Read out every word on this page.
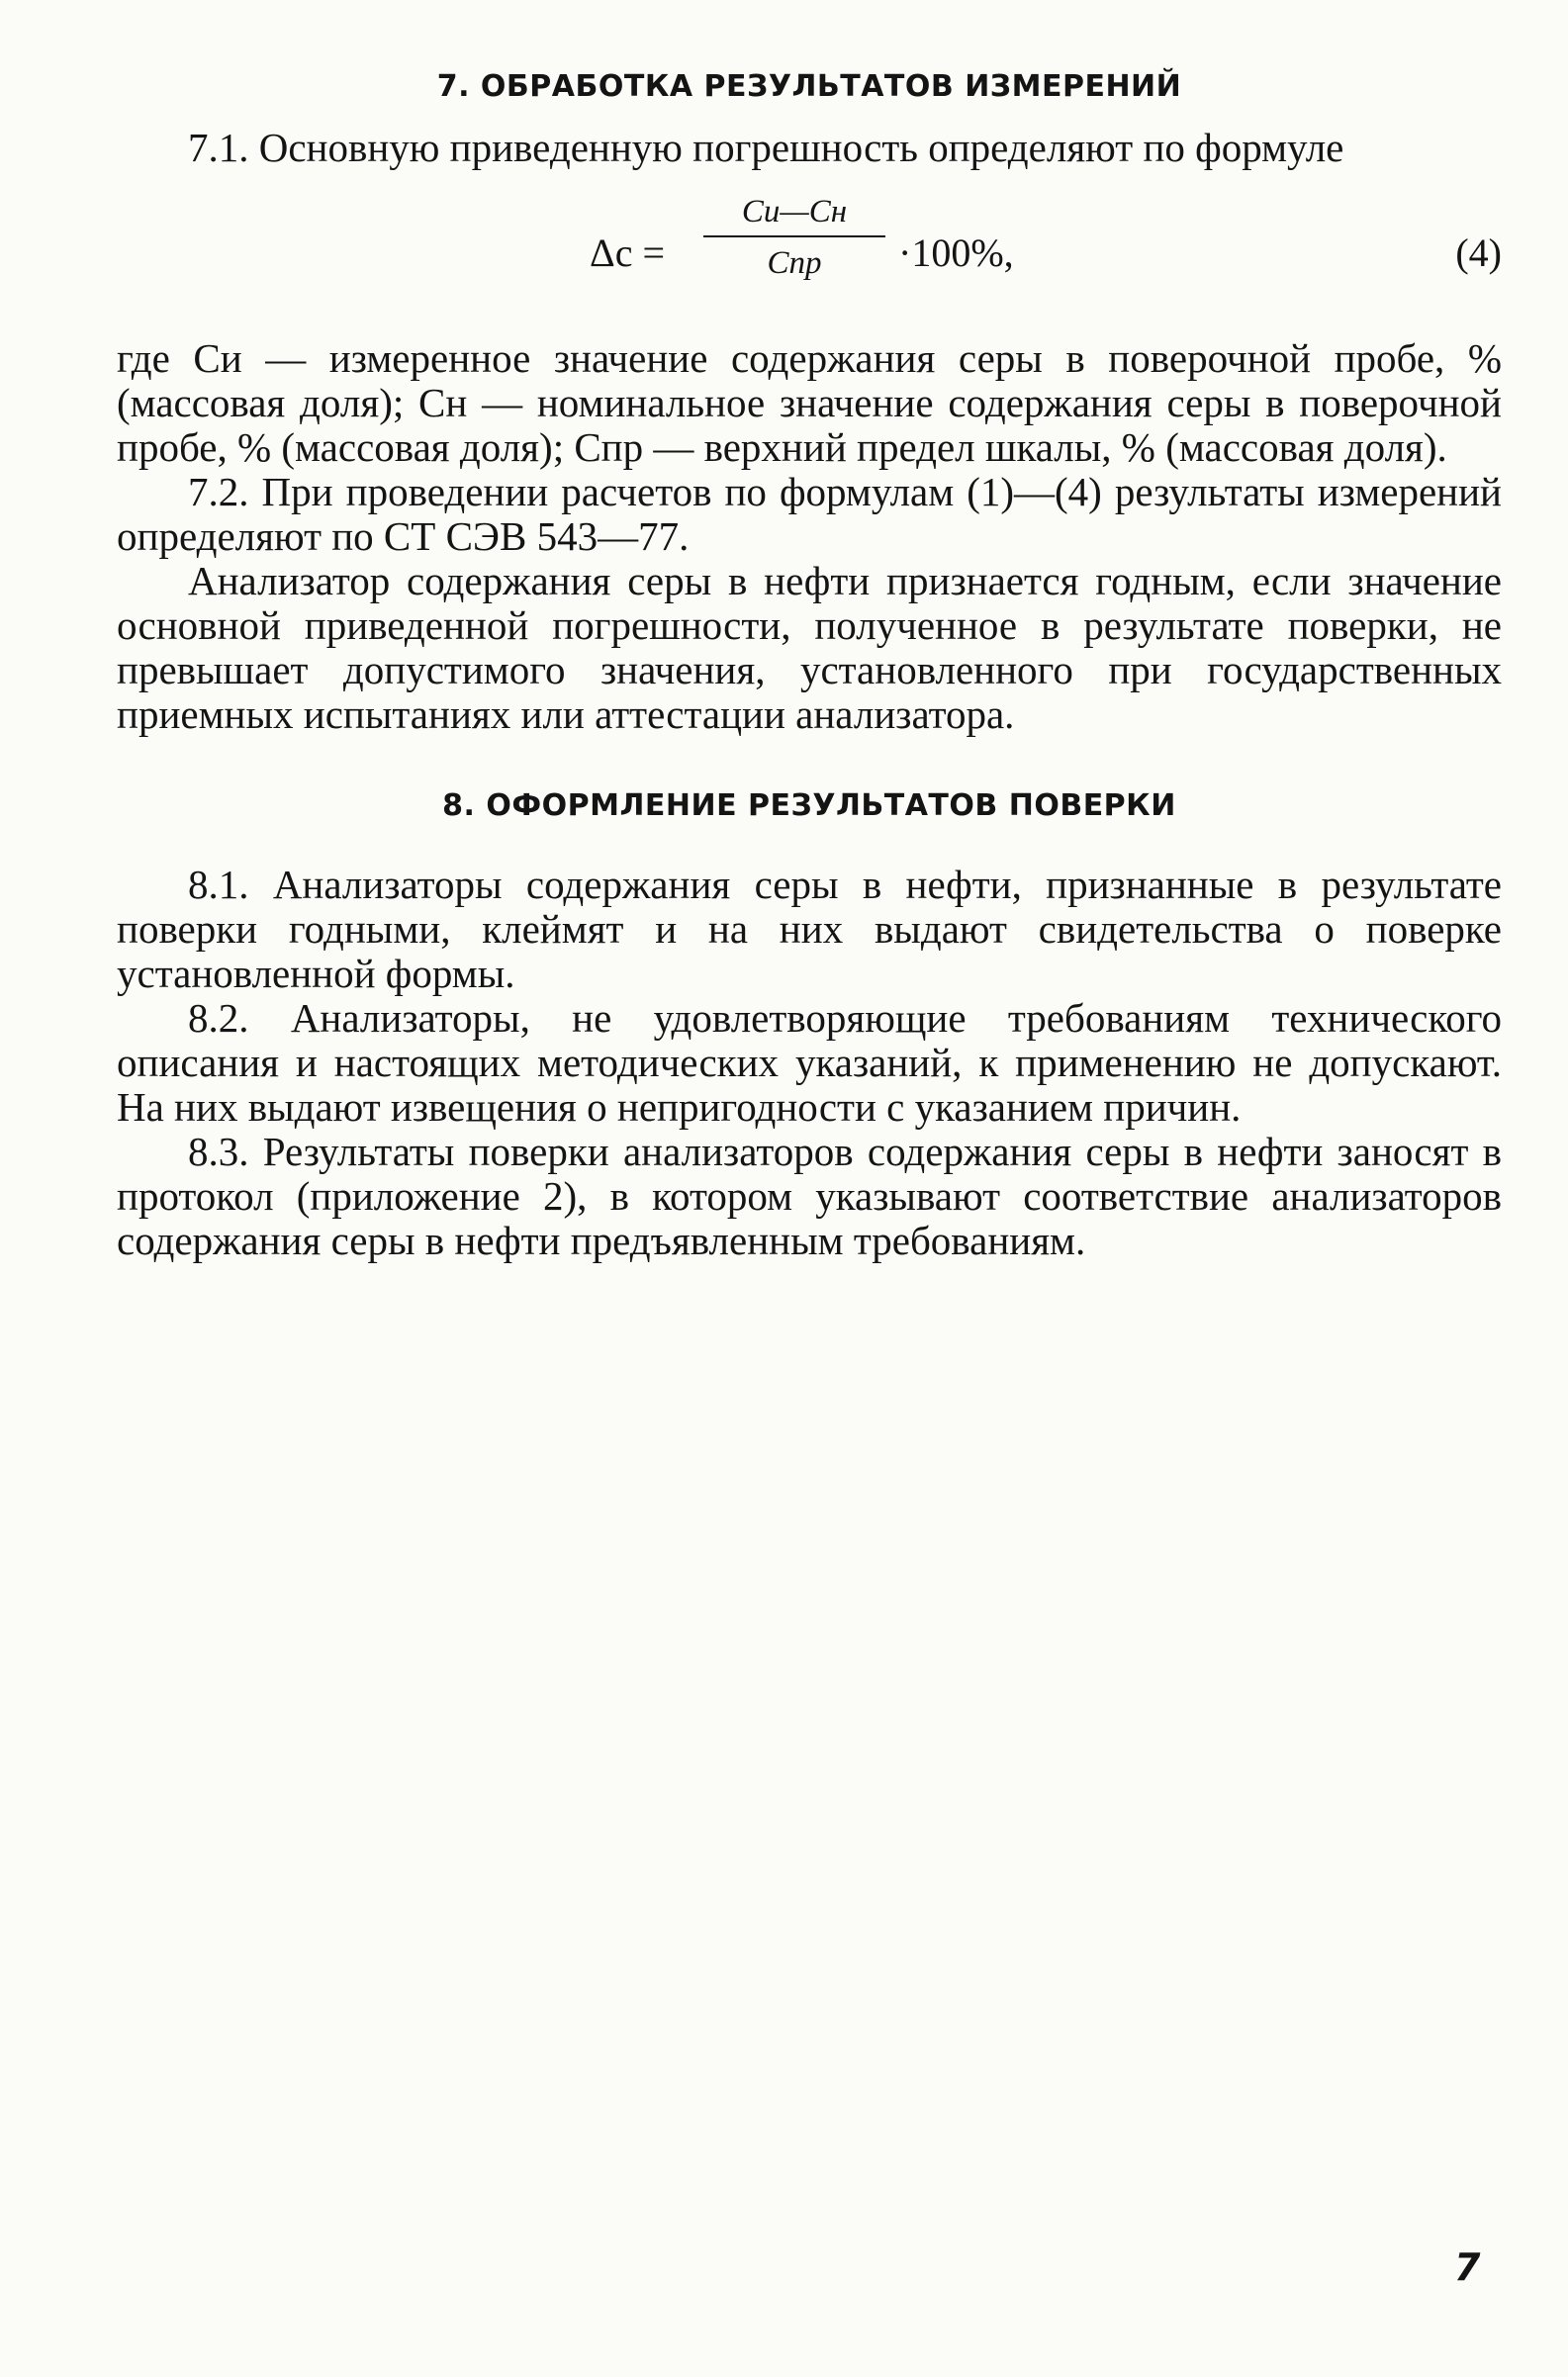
7. ОБРАБОТКА РЕЗУЛЬТАТОВ ИЗМЕРЕНИЙ

7.1. Основную приведенную погрешность определяют по формуле

Δc =
Cи—Cн
Cпр	·100%,	(4)

где Cи — измеренное значение содержания серы в поверочной пробе, % (массовая доля); Cн — номинальное значение содержания серы в поверочной пробе, % (массовая доля); Cпр — верхний предел шкалы, % (массовая доля).

7.2. При проведении расчетов по формулам (1)—(4) результаты измерений определяют по СТ СЭВ 543—77.

Анализатор содержания серы в нефти признается годным, если значение основной приведенной погрешности, полученное в результате поверки, не превышает допустимого значения, установленного при государственных приемных испытаниях или аттестации анализатора.

8. ОФОРМЛЕНИЕ РЕЗУЛЬТАТОВ ПОВЕРКИ

8.1. Анализаторы содержания серы в нефти, признанные в результате поверки годными, клеймят и на них выдают свидетельства о поверке установленной формы.

8.2. Анализаторы, не удовлетворяющие требованиям технического описания и настоящих методических указаний, к применению не допускают. На них выдают извещения о непригодности с указанием причин.

8.3. Результаты поверки анализаторов содержания серы в нефти заносят в протокол (приложение 2), в котором указывают соответствие анализаторов содержания серы в нефти предъявленным требованиям.

7
